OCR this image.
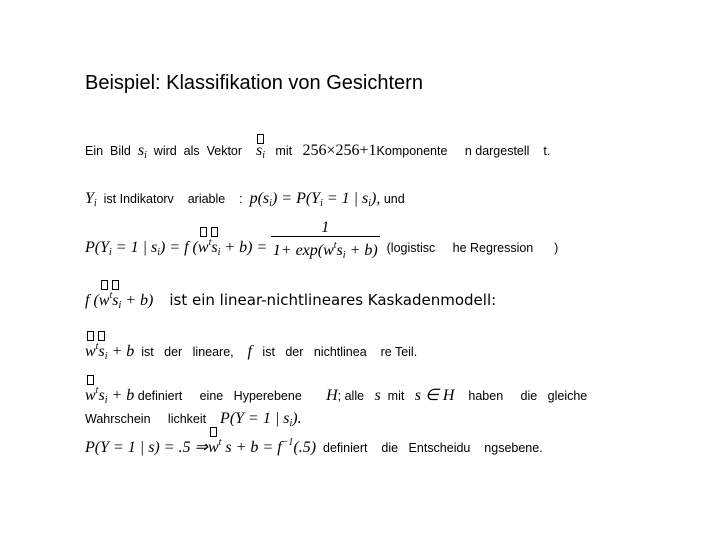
Beispiel: Klassifikation von Gesichtern
Ein Bild $s_i$ wird als Vektor $s_i$ mit 256×256+1Komponente n dargestell t.
$Y_i$ ist Indikatorv ariable : $p(s_i) = P(Y_i = 1$ | $s_i$), und
$P(Y_i = 1$ | $s_i) = f$ (
$w^t$
$s_i + b) = \frac{1}{1+ \exp(w^ts_i + b)}$ (logistisc he Regression )
f (
$w^t$
$s_i + b$) ist ein linear-nichtlineares Kaskadenmodell:
$w^t$
$s_i + b$ ist der lineare, f ist der nichtlinea re Teil.
$w^ts_i + b$ definiert eine Hyperebene H; alle s mit s ∈ H haben die gleiche
Wahrschein lichkeit P(Y = 1 | $s_i$).
P(Y = 1 | s) = .5 ⇒
$w^t$ $s + b = f^{-1}(.5)$ definiert die Entscheidu ngsebene.
